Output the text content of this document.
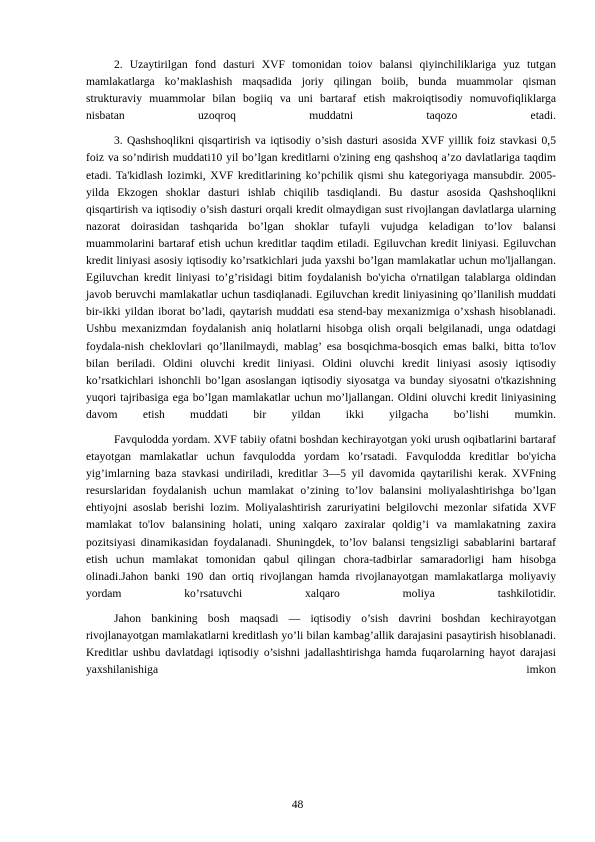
2. Uzaytirilgan fond dasturi XVF tomonidan toiov balansi qiyinchiliklariga yuz tutgan mamlakatlarga ko’maklashish maqsadida joriy qilingan boiib, bunda muammolar qisman strukturaviy muammolar bilan bogiiq va uni bartaraf etish makroiqtisodiy nomuvofiqliklarga nisbatan uzoqroq muddatni taqozo etadi.

3. Qashshoqlikni qisqartirish va iqtisodiy o’sish dasturi asosida XVF yillik foiz stavkasi 0,5 foiz va so’ndirish muddati10 yil bo’lgan kreditlarni o'zining eng qashshoq a’zo davlatlariga taqdim etadi. Ta'kidlash lozimki, XVF kreditlarining ko’pchilik qismi shu kategoriyaga mansubdir. 2005-yilda Ekzogen shoklar dasturi ishlab chiqilib tasdiqlandi. Bu dastur asosida Qashshoqlikni qisqartirish va iqtisodiy o’sish dasturi orqali kredit olmaydigan sust rivojlangan davlatlarga ularning nazorat doirasidan tashqarida bo’lgan shoklar tufayli vujudga keladigan to’lov balansi muammolarini bartaraf etish uchun kreditlar taqdim etiladi. Egiluvchan kredit liniyasi. Egiluvchan kredit liniyasi asosiy iqtisodiy ko’rsatkichlari juda yaxshi bo’lgan mamlakatlar uchun mo'ljallangan. Egiluvchan kredit liniyasi to’g’risidagi bitim foydalanish bo'yicha o'rnatilgan talablarga oldindan javob beruvchi mamlakatlar uchun tasdiqlanadi. Egiluvchan kredit liniyasining qo’llanilish muddati bir-ikki yildan iborat bo’ladi, qaytarish muddati esa stend-bay mexanizmiga o’xshash hisoblanadi. Ushbu mexanizmdan foydalanish aniq holatlarni hisobga olish orqali belgilanadi, unga odatdagi foydala-nish cheklovlari qo’llanilmaydi, mablag’ esa bosqichma-bosqich emas balki, bitta to'lov bilan beriladi. Oldini oluvchi kredit liniyasi. Oldini oluvchi kredit liniyasi asosiy iqtisodiy ko’rsatkichlari ishonchli bo’lgan asoslangan iqtisodiy siyosatga va bunday siyosatni o'tkazishning yuqori tajribasiga ega bo’lgan mamlakatlar uchun mo’ljallangan. Oldini oluvchi kredit liniyasining davom etish muddati bir yildan ikki yilgacha bo’lishi mumkin.

Favqulodda yordam. XVF tabiiy ofatni boshdan kechirayotgan yoki urush oqibatlarini bartaraf etayotgan mamlakatlar uchun favqulodda yordam ko’rsatadi. Favqulodda kreditlar bo'yicha yig’imlarning baza stavkasi undiriladi, kreditlar 3—5 yil davomida qaytarilishi kerak. XVFning resurslaridan foydalanish uchun mamlakat o’zining to’lov balansini moliyalashtirishga bo’lgan ehtiyojni asoslab berishi lozim. Moliyalashtirish zaruriyatini belgilovchi mezonlar sifatida XVF mamlakat to'lov balansining holati, uning xalqaro zaxiralar qoldig’i va mamlakatning zaxira pozitsiyasi dinamikasidan foydalanadi. Shuningdek, to’lov balansi tengsizligi sabablarini bartaraf etish uchun mamlakat tomonidan qabul qilingan chora-tadbirlar samaradorligi ham hisobga olinadi.Jahon banki 190 dan ortiq rivojlangan hamda rivojlanayotgan mamlakatlarga moliyaviy yordam ko’rsatuvchi xalqaro moliya tashkilotidir.

Jahon bankining bosh maqsadi — iqtisodiy o’sish davrini boshdan kechirayotgan rivojlanayotgan mamlakatlarni kreditlash yo’li bilan kambag’allik darajasini pasaytirish hisoblanadi. Kreditlar ushbu davlatdagi iqtisodiy o’sishni jadallashtirishga hamda fuqarolarning hayot darajasi yaxshilanishiga imkon

48
